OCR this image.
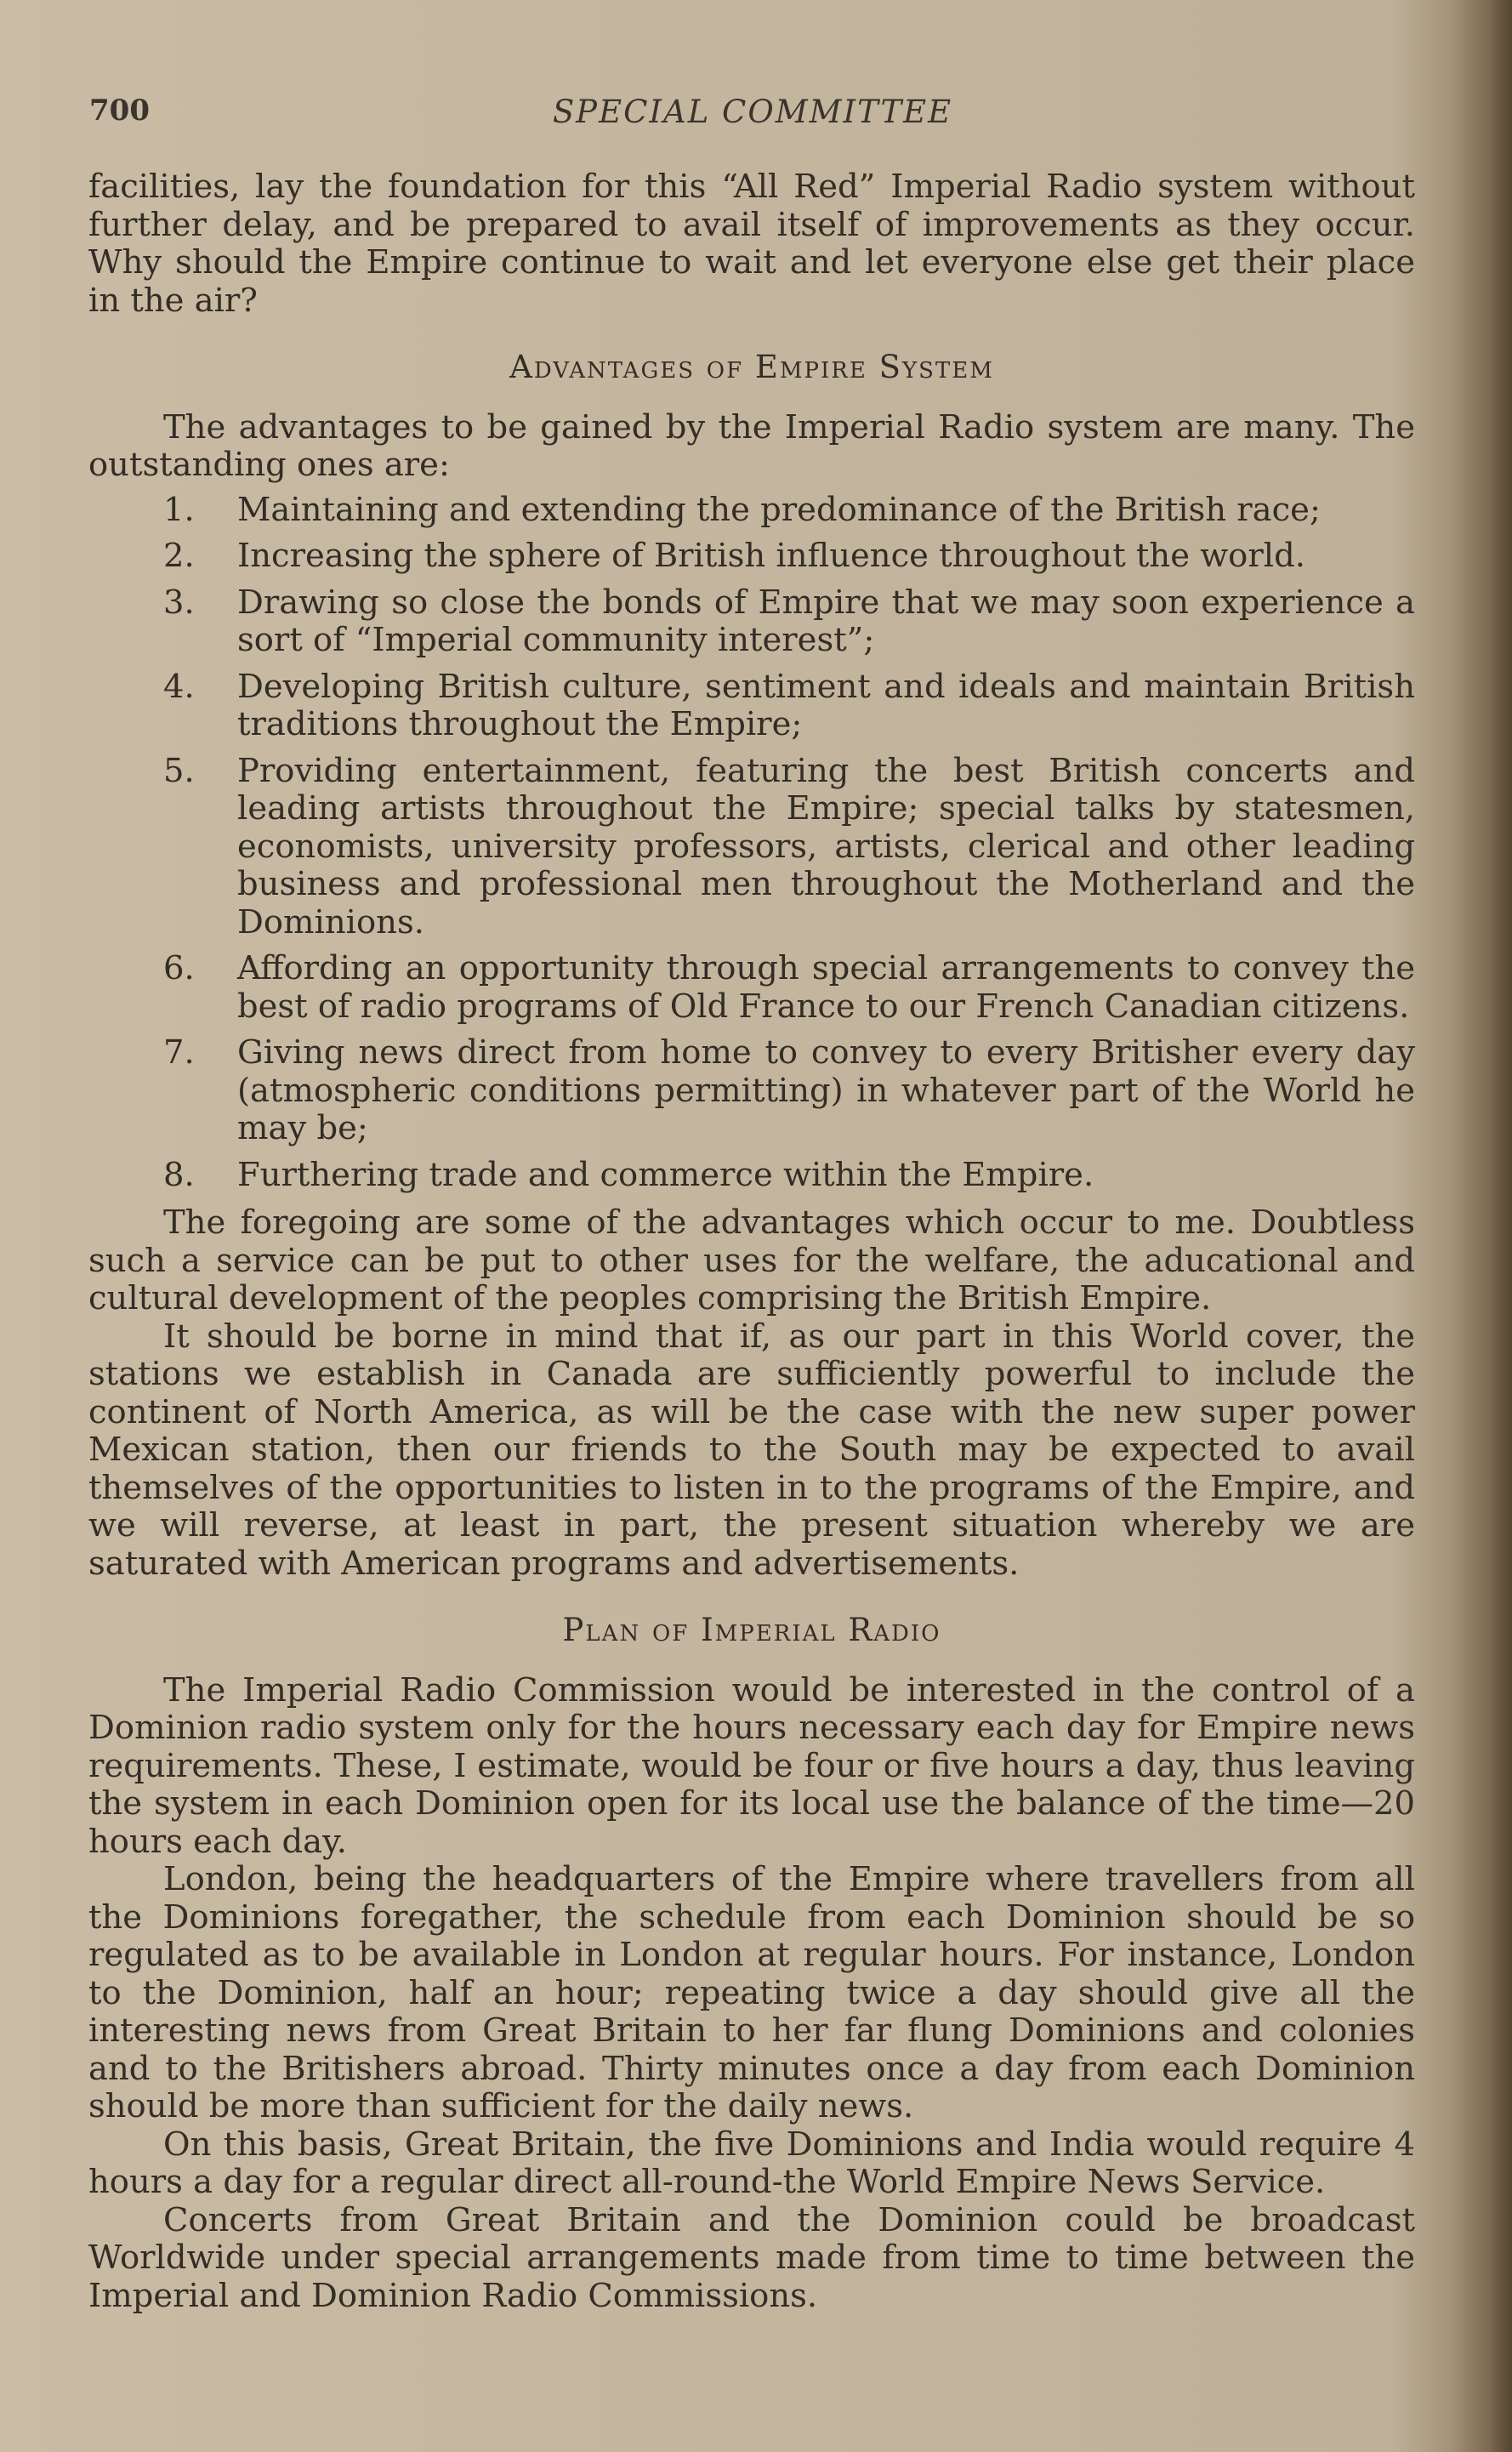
700	SPECIAL COMMITTEE

facilities, lay the foundation for this “All Red” Imperial Radio system without further delay, and be prepared to avail itself of improvements as they occur. Why should the Empire continue to wait and let everyone else get their place in the air?

Advantages of Empire System

The advantages to be gained by the Imperial Radio system are many. The outstanding ones are:

1.	Maintaining and extending the predominance of the British race;
2.	Increasing the sphere of British influence throughout the world.
3.	Drawing so close the bonds of Empire that we may soon experience a sort of “Imperial community interest”;
4.	Developing British culture, sentiment and ideals and maintain British traditions throughout the Empire;
5.	Providing entertainment, featuring the best British concerts and leading artists throughout the Empire; special talks by statesmen, economists, university professors, artists, clerical and other leading business and professional men throughout the Motherland and the Dominions.
6.	Affording an opportunity through special arrangements to convey the best of radio programs of Old France to our French Canadian citizens.
7.	Giving news direct from home to convey to every Britisher every day (atmospheric conditions permitting) in whatever part of the World he may be;
8.	Furthering trade and commerce within the Empire.

The foregoing are some of the advantages which occur to me. Doubtless such a service can be put to other uses for the welfare, the aducational and cultural development of the peoples comprising the British Empire.

It should be borne in mind that if, as our part in this World cover, the stations we establish in Canada are sufficiently powerful to include the continent of North America, as will be the case with the new super power Mexican station, then our friends to the South may be expected to avail themselves of the opportunities to listen in to the programs of the Empire, and we will reverse, at least in part, the present situation whereby we are saturated with American programs and advertisements.

Plan of Imperial Radio

The Imperial Radio Commission would be interested in the control of a Dominion radio system only for the hours necessary each day for Empire news requirements. These, I estimate, would be four or five hours a day, thus leaving the system in each Dominion open for its local use the balance of the time—20 hours each day.

London, being the headquarters of the Empire where travellers from all the Dominions foregather, the schedule from each Dominion should be so regulated as to be available in London at regular hours. For instance, London to the Dominion, half an hour; repeating twice a day should give all the interesting news from Great Britain to her far flung Dominions and colonies and to the Britishers abroad. Thirty minutes once a day from each Dominion should be more than sufficient for the daily news.

On this basis, Great Britain, the five Dominions and India would require 4 hours a day for a regular direct all-round-the World Empire News Service.

Concerts from Great Britain and the Dominion could be broadcast Worldwide under special arrangements made from time to time between the Imperial and Dominion Radio Commissions.
